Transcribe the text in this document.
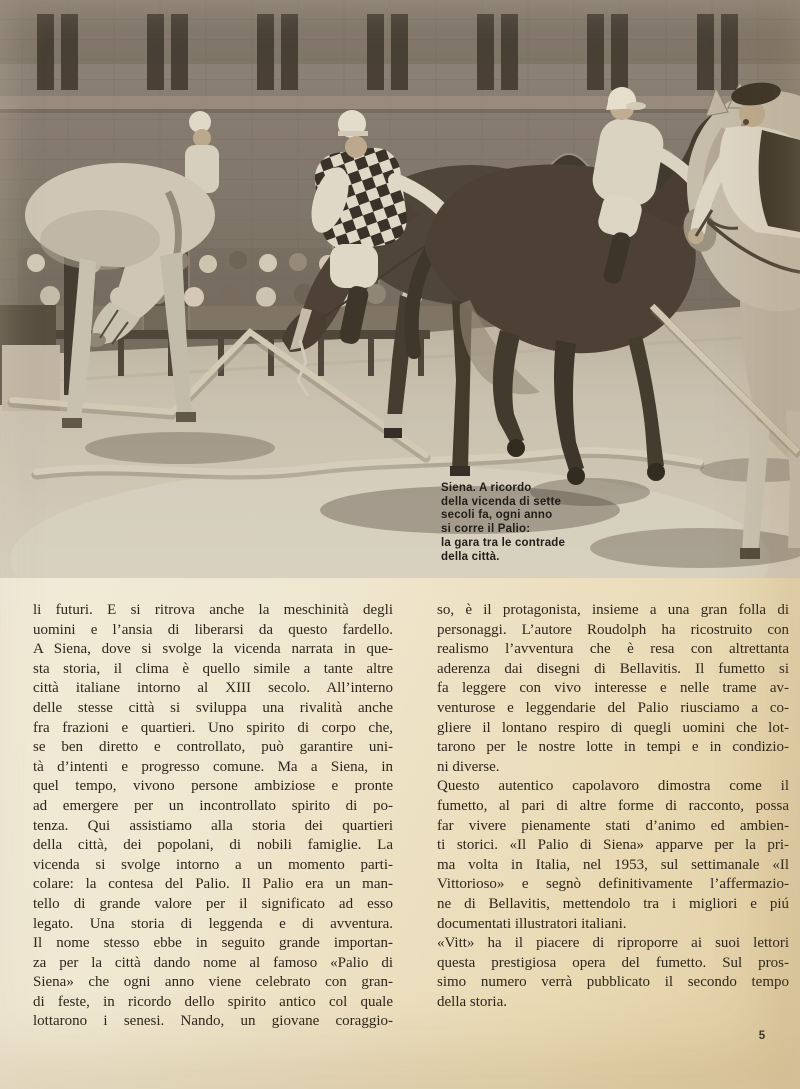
Siena. A ricordo
della vicenda di sette
secoli fa, ogni anno
si corre il Palio:
la gara tra le contrade
della città.
li futuri. E si ritrova anche la meschinità degli
uomini e l’ansia di liberarsi da questo fardello.
A Siena, dove si svolge la vicenda narrata in que-
sta storia, il clima è quello simile a tante altre
città italiane intorno al XIII secolo. All’interno
delle stesse città si sviluppa una rivalità anche
fra frazioni e quartieri. Uno spirito di corpo che,
se ben diretto e controllato, può garantire uni-
tà d’intenti e progresso comune. Ma a Siena, in
quel tempo, vivono persone ambiziose e pronte
ad emergere per un incontrollato spirito di po-
tenza. Qui assistiamo alla storia dei quartieri
della città, dei popolani, di nobili famiglie. La
vicenda si svolge intorno a un momento parti-
colare: la contesa del Palio. Il Palio era un man-
tello di grande valore per il significato ad esso
legato. Una storia di leggenda e di avventura.
Il nome stesso ebbe in seguito grande importan-
za per la città dando nome al famoso «Palio di
Siena» che ogni anno viene celebrato con gran-
di feste, in ricordo dello spirito antico col quale
lottarono i senesi. Nando, un giovane coraggio-
so, è il protagonista, insieme a una gran folla di
personaggi. L’autore Roudolph ha ricostruito con
realismo l’avventura che è resa con altrettanta
aderenza dai disegni di Bellavitis. Il fumetto si
fa leggere con vivo interesse e nelle trame av-
venturose e leggendarie del Palio riusciamo a co-
gliere il lontano respiro di quegli uomini che lot-
tarono per le nostre lotte in tempi e in condizio-
ni diverse.
Questo autentico capolavoro dimostra come il
fumetto, al pari di altre forme di racconto, possa
far vivere pienamente stati d’animo ed ambien-
ti storici. «Il Palio di Siena» apparve per la pri-
ma volta in Italia, nel 1953, sul settimanale «Il
Vittorioso» e segnò definitivamente l’affermazio-
ne di Bellavitis, mettendolo tra i migliori e piú
documentati illustratori italiani.
«Vitt» ha il piacere di riproporre ai suoi lettori
questa prestigiosa opera del fumetto. Sul pros-
simo numero verrà pubblicato il secondo tempo
della storia.
5
